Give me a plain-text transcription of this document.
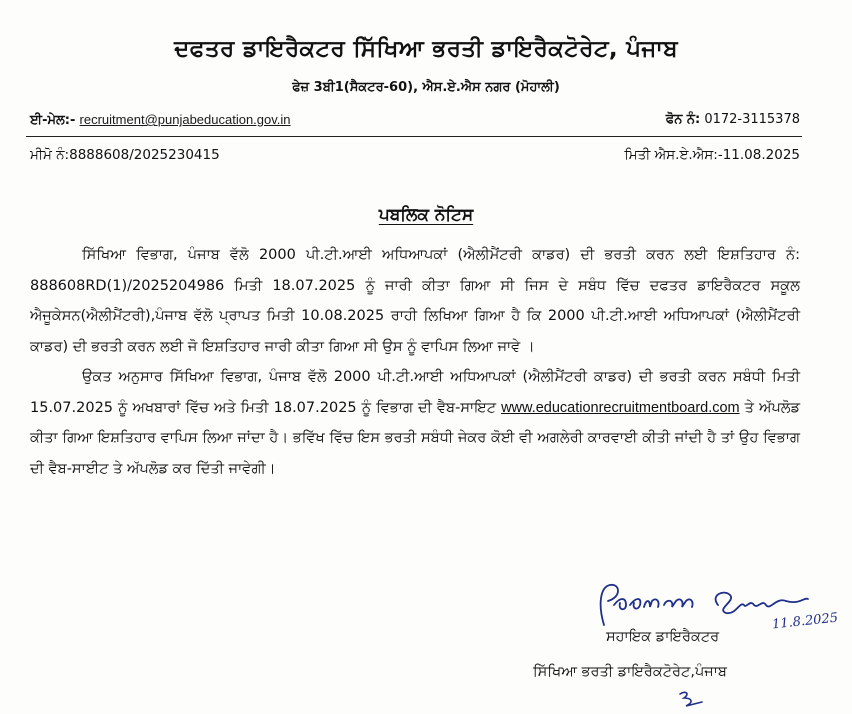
ਦਫਤਰ ਡਾਇਰੈਕਟਰ ਸਿੱਖਿਆ ਭਰਤੀ ਡਾਇਰੈਕਟੋਰੇਟ, ਪੰਜਾਬ
ਫੇਜ਼ 3ਬੀ1(ਸੈਕਟਰ-60), ਐਸ.ਏ.ਐਸ ਨਗਰ (ਮੋਹਾਲੀ)
ਈ-ਮੇਲ:- recruitment@punjabeducation.gov.in	ਫੋਨ ਨੰ: 0172-3115378
ਮੀਮੋ ਨੰ:8888608/2025230415	ਮਿਤੀ ਐਸ.ਏ.ਐਸ:-11.08.2025
ਪਬਲਿਕ ਨੋਟਿਸ

ਸਿੱਖਿਆ ਵਿਭਾਗ, ਪੰਜਾਬ ਵੱਲੋ 2000 ਪੀ.ਟੀ.ਆਈ ਅਧਿਆਪਕਾਂ (ਐਲੀਮੈਂਟਰੀ ਕਾਡਰ) ਦੀ ਭਰਤੀ ਕਰਨ ਲਈ ਇਸ਼ਤਿਹਾਰ ਨੰ: 888608RD(1)/2025204986 ਮਿਤੀ 18.07.2025 ਨੂੰ ਜਾਰੀ ਕੀਤਾ ਗਿਆ ਸੀ ਜਿਸ ਦੇ ਸਬੰਧ ਵਿੱਚ ਦਫਤਰ ਡਾਇਰੈਕਟਰ ਸਕੂਲ ਐਜੂਕੇਸਨ(ਐਲੀਮੈਂਟਰੀ),ਪੰਜਾਬ ਵੱਲੋ ਪ੍ਰਾਪਤ ਮਿਤੀ 10.08.2025 ਰਾਹੀ ਲਿਖਿਆ ਗਿਆ ਹੈ ਕਿ 2000 ਪੀ.ਟੀ.ਆਈ ਅਧਿਆਪਕਾਂ (ਐਲੀਮੈਂਟਰੀ ਕਾਡਰ) ਦੀ ਭਰਤੀ ਕਰਨ ਲਈ ਜੋ ਇਸ਼ਤਿਹਾਰ ਜਾਰੀ ਕੀਤਾ ਗਿਆ ਸੀ ਉਸ ਨੂੰ ਵਾਪਿਸ ਲਿਆ ਜਾਵੇ ।

ਉਕਤ ਅਨੁਸਾਰ ਸਿੱਖਿਆ ਵਿਭਾਗ, ਪੰਜਾਬ ਵੱਲੋ 2000 ਪੀ.ਟੀ.ਆਈ ਅਧਿਆਪਕਾਂ (ਐਲੀਮੈਂਟਰੀ ਕਾਡਰ) ਦੀ ਭਰਤੀ ਕਰਨ ਸਬੰਧੀ ਮਿਤੀ 15.07.2025 ਨੂੰ ਅਖਬਾਰਾਂ ਵਿੱਚ ਅਤੇ ਮਿਤੀ 18.07.2025 ਨੂੰ ਵਿਭਾਗ ਦੀ ਵੈਬ-ਸਾਇਟ www.educationrecruitmentboard.com ਤੇ ਅੱਪਲੋਡ ਕੀਤਾ ਗਿਆ ਇਸ਼ਤਿਹਾਰ ਵਾਪਿਸ ਲਿਆ ਜਾਂਦਾ ਹੈ। ਭਵਿੱਖ ਵਿੱਚ ਇਸ ਭਰਤੀ ਸਬੰਧੀ ਜੇਕਰ ਕੋਈ ਵੀ ਅਗਲੇਰੀ ਕਾਰਵਾਈ ਕੀਤੀ ਜਾਂਦੀ ਹੈ ਤਾਂ ਉਹ ਵਿਭਾਗ ਦੀ ਵੈਬ-ਸਾਈਟ ਤੇ ਅੱਪਲੋਡ ਕਰ ਦਿੱਤੀ ਜਾਵੇਗੀ।

11.8.2025
ਸਹਾਇਕ ਡਾਇਰੈਕਟਰ
ਸਿੱਖਿਆ ਭਰਤੀ ਡਾਇਰੈਕਟੋਰੇਟ,ਪੰਜਾਬ
